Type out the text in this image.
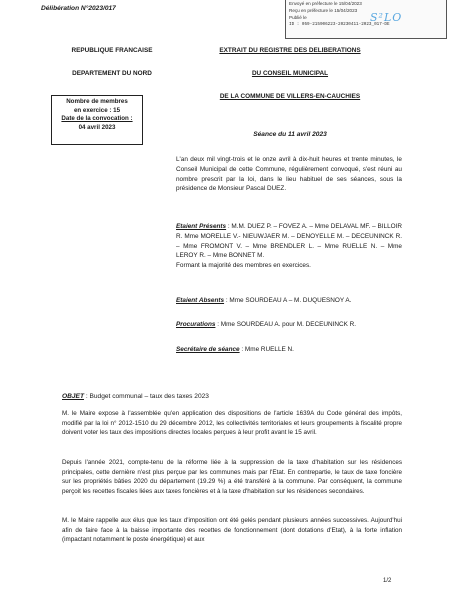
Délibération N°2023/017
Envoyé en préfecture le 15/04/2023
Reçu en préfecture le 15/04/2023
Publié le
ID : 059-215906223-20230411-2023_017-DE
S²LO
REPUBLIQUE FRANCAISE
DEPARTEMENT DU NORD
EXTRAIT DU REGISTRE DES DELIBERATIONS
DU CONSEIL MUNICIPAL
DE LA COMMUNE DE VILLERS-EN-CAUCHIES
Nombre de membres
en exercice : 15
Date de la convocation :
04 avril 2023
Séance du 11 avril 2023
L'an deux mil vingt-trois et le onze avril à dix-huit heures et trente minutes, le Conseil Municipal de cette Commune, régulièrement convoqué, s'est réuni au nombre prescrit par la loi, dans le lieu habituel de ses séances, sous la présidence de Monsieur Pascal DUEZ.
Etaient Présents : M.M. DUEZ P. – FOVEZ A. – Mme DELAVAL MF. – BILLOIR R. Mme MORELLE V.- NIEUWJAER M. – DENOYELLE M. – DECEUNINCK R. – Mme FROMONT V. – Mme BRENDLER L. – Mme RUELLE N. – Mme LEROY R. – Mme BONNET M.
Formant la majorité des membres en exercices.
Etaient Absents : Mme SOURDEAU A – M. DUQUESNOY A.
Procurations : Mme SOURDEAU A. pour M. DECEUNINCK R.
Secrétaire de séance : Mme RUELLE N.
OBJET : Budget communal – taux des taxes 2023
M. le Maire expose à l'assemblée qu'en application des dispositions de l'article 1639A du Code général des impôts, modifié par la loi n° 2012-1510 du 29 décembre 2012, les collectivités territoriales et leurs groupements à fiscalité propre doivent voter les taux des impositions directes locales perçues à leur profit avant le 15 avril.
Depuis l'année 2021, compte-tenu de la réforme liée à la suppression de la taxe d'habitation sur les résidences principales, cette dernière n'est plus perçue par les communes mais par l'Etat. En contrepartie, le taux de taxe foncière sur les propriétés bâties 2020 du département (19.29 %) a été transféré à la commune. Par conséquent, la commune perçoit les recettes fiscales liées aux taxes foncières et à la taxe d'habitation sur les résidences secondaires.
M. le Maire rappelle aux élus que les taux d'imposition ont été gelés pendant plusieurs années successives. Aujourd'hui afin de faire face à la baisse importante des recettes de fonctionnement (dont dotations d'Etat), à la forte inflation (impactant notamment le poste énergétique) et aux
1/2
